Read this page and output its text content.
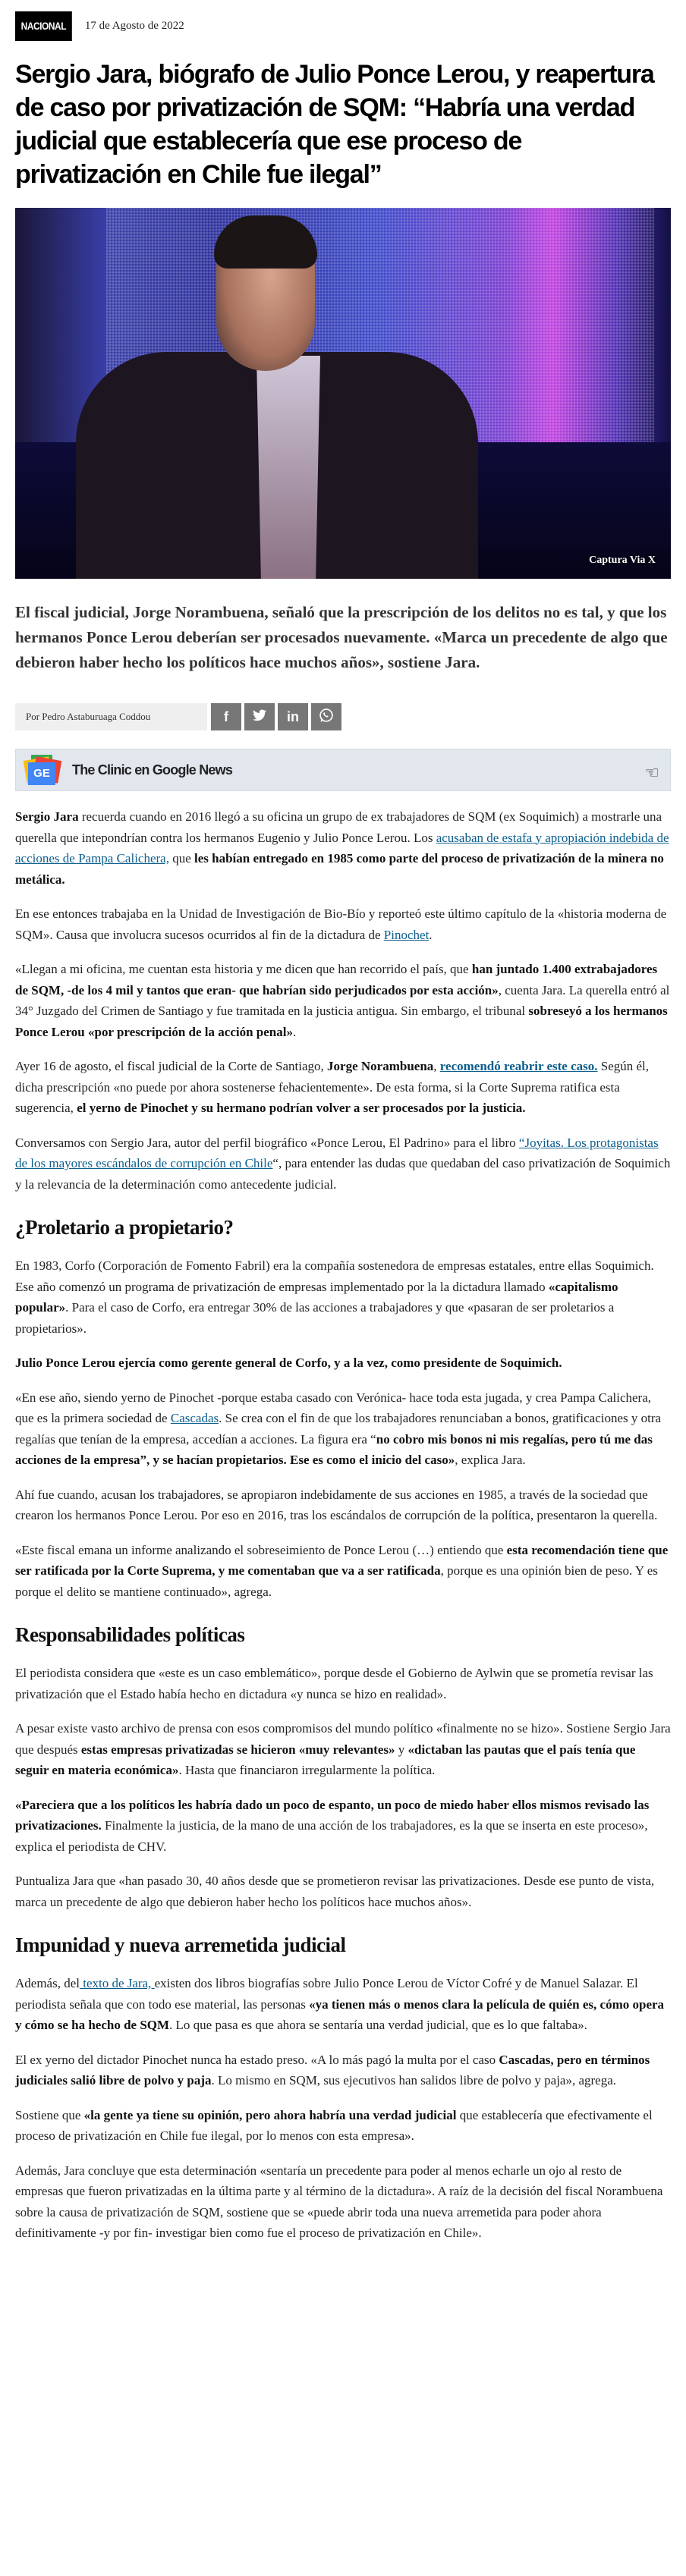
NACIONAL	17 de Agosto de 2022
Sergio Jara, biógrafo de Julio Ponce Lerou, y reapertura de caso por privatización de SQM: “Habría una verdad judicial que establecería que ese proceso de privatización en Chile fue ilegal”
Captura Via X

El fiscal judicial, Jorge Norambuena, señaló que la prescripción de los delitos no es tal, y que los hermanos Ponce Lerou deberían ser procesados nuevamente. «Marca un precedente de algo que debieron haber hecho los políticos hace muchos años», sostiene Jara.

Por Pedro Astaburuaga Coddou	f	in
GE	The Clinic en Google News	☜

Sergio Jara recuerda cuando en 2016 llegó a su oficina un grupo de ex trabajadores de SQM (ex Soquimich) a mostrarle una querella que intepondrían contra los hermanos Eugenio y Julio Ponce Lerou. Los acusaban de estafa y apropiación indebida de acciones de Pampa Calichera, que les habían entregado en 1985 como parte del proceso de privatización de la minera no metálica.

En ese entonces trabajaba en la Unidad de Investigación de Bio-Bío y reporteó este último capítulo de la «historia moderna de SQM». Causa que involucra sucesos ocurridos al fin de la dictadura de Pinochet.

«Llegan a mi oficina, me cuentan esta historia y me dicen que han recorrido el país, que han juntado 1.400 extrabajadores de SQM, -de los 4 mil y tantos que eran- que habrían sido perjudicados por esta acción», cuenta Jara. La querella entró al 34° Juzgado del Crimen de Santiago y fue tramitada en la justicia antigua. Sin embargo, el tribunal sobreseyó a los hermanos Ponce Lerou «por prescripción de la acción penal».

Ayer 16 de agosto, el fiscal judicial de la Corte de Santiago, Jorge Norambuena, recomendó reabrir este caso. Según él, dicha prescripción «no puede por ahora sostenerse fehacientemente». De esta forma, si la Corte Suprema ratifica esta sugerencia, el yerno de Pinochet y su hermano podrían volver a ser procesados por la justicia.

Conversamos con Sergio Jara, autor del perfil biográfico «Ponce Lerou, El Padrino» para el libro “Joyitas. Los protagonistas de los mayores escándalos de corrupción en Chile“, para entender las dudas que quedaban del caso privatización de Soquimich y la relevancia de la determinación como antecedente judicial.

¿Proletario a propietario?

En 1983, Corfo (Corporación de Fomento Fabril) era la compañía sostenedora de empresas estatales, entre ellas Soquimich. Ese año comenzó un programa de privatización de empresas implementado por la la dictadura llamado «capitalismo popular». Para el caso de Corfo, era entregar 30% de las acciones a trabajadores y que «pasaran de ser proletarios a propietarios».

Julio Ponce Lerou ejercía como gerente general de Corfo, y a la vez, como presidente de Soquimich.

«En ese año, siendo yerno de Pinochet -porque estaba casado con Verónica- hace toda esta jugada, y crea Pampa Calichera, que es la primera sociedad de Cascadas. Se crea con el fin de que los trabajadores renunciaban a bonos, gratificaciones y otra regalías que tenían de la empresa, accedían a acciones. La figura era “no cobro mis bonos ni mis regalías, pero tú me das acciones de la empresa”, y se hacían propietarios. Ese es como el inicio del caso», explica Jara.

Ahí fue cuando, acusan los trabajadores, se apropiaron indebidamente de sus acciones en 1985, a través de la sociedad que crearon los hermanos Ponce Lerou. Por eso en 2016, tras los escándalos de corrupción de la política, presentaron la querella.

«Este fiscal emana un informe analizando el sobreseimiento de Ponce Lerou (…) entiendo que esta recomendación tiene que ser ratificada por la Corte Suprema, y me comentaban que va a ser ratificada, porque es una opinión bien de peso. Y es porque el delito se mantiene continuado», agrega.

Responsabilidades políticas

El periodista considera que «este es un caso emblemático», porque desde el Gobierno de Aylwin que se prometía revisar las privatización que el Estado había hecho en dictadura «y nunca se hizo en realidad».

A pesar existe vasto archivo de prensa con esos compromisos del mundo político «finalmente no se hizo». Sostiene Sergio Jara que después estas empresas privatizadas se hicieron «muy relevantes» y «dictaban las pautas que el país tenía que seguir en materia económica». Hasta que financiaron irregularmente la política.

«Pareciera que a los políticos les habría dado un poco de espanto, un poco de miedo haber ellos mismos revisado las privatizaciones. Finalmente la justicia, de la mano de una acción de los trabajadores, es la que se inserta en este proceso», explica el periodista de CHV.

Puntualiza Jara que «han pasado 30, 40 años desde que se prometieron revisar las privatizaciones. Desde ese punto de vista, marca un precedente de algo que debieron haber hecho los políticos hace muchos años».

Impunidad y nueva arremetida judicial

Además, del texto de Jara, existen dos libros biografías sobre Julio Ponce Lerou de Víctor Cofré y de Manuel Salazar. El periodista señala que con todo ese material, las personas «ya tienen más o menos clara la película de quién es, cómo opera y cómo se ha hecho de SQM. Lo que pasa es que ahora se sentaría una verdad judicial, que es lo que faltaba».

El ex yerno del dictador Pinochet nunca ha estado preso. «A lo más pagó la multa por el caso Cascadas, pero en términos judiciales salió libre de polvo y paja. Lo mismo en SQM, sus ejecutivos han salidos libre de polvo y paja», agrega.

Sostiene que «la gente ya tiene su opinión, pero ahora habría una verdad judicial que establecería que efectivamente el proceso de privatización en Chile fue ilegal, por lo menos con esta empresa».

Además, Jara concluye que esta determinación «sentaría un precedente para poder al menos echarle un ojo al resto de empresas que fueron privatizadas en la última parte y al término de la dictadura». A raíz de la decisión del fiscal Norambuena sobre la causa de privatización de SQM, sostiene que se «puede abrir toda una nueva arremetida para poder ahora definitivamente -y por fin- investigar bien como fue el proceso de privatización en Chile».
